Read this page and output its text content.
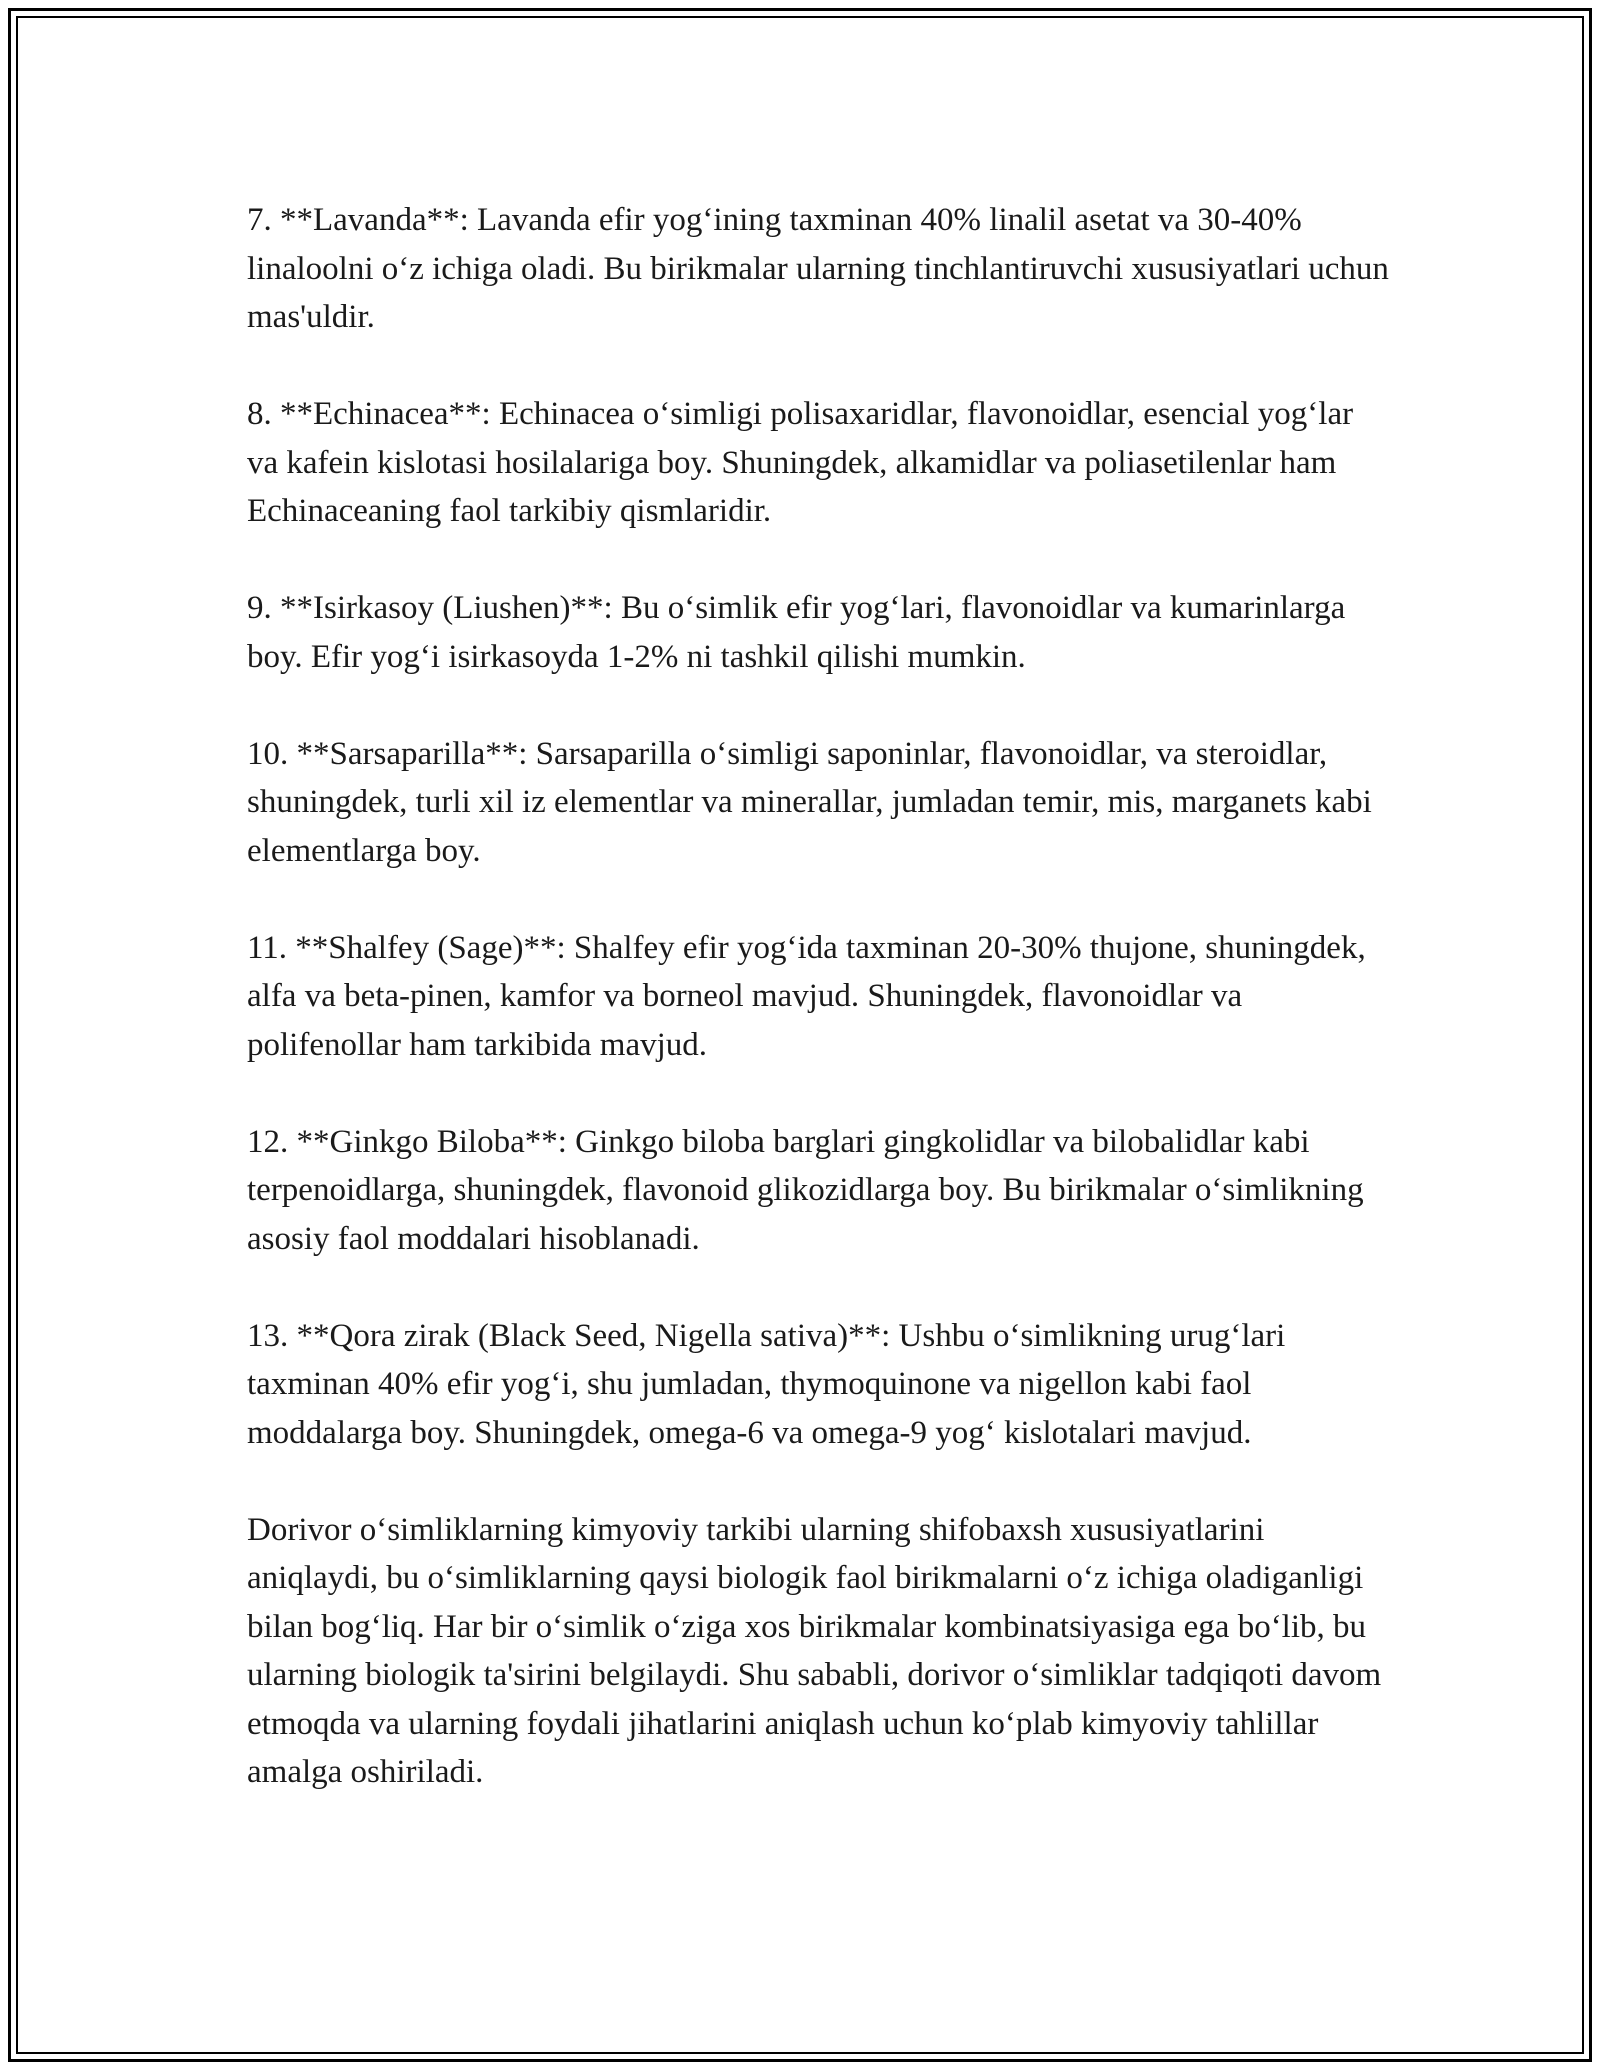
7. **Lavanda**: Lavanda efir yog‘ining taxminan 40% linalil asetat va 30-40% linaloolni o‘z ichiga oladi. Bu birikmalar ularning tinchlantiruvchi xususiyatlari uchun mas'uldir.

8. **Echinacea**: Echinacea o‘simligi polisaxaridlar, flavonoidlar, esencial yog‘lar va kafein kislotasi hosilalariga boy. Shuningdek, alkamidlar va poliasetilenlar ham Echinaceaning faol tarkibiy qismlaridir.

9. **Isirkasoy (Liushen)**: Bu o‘simlik efir yog‘lari, flavonoidlar va kumarinlarga boy. Efir yog‘i isirkasoyda 1-2% ni tashkil qilishi mumkin.

10. **Sarsaparilla**: Sarsaparilla o‘simligi saponinlar, flavonoidlar, va steroidlar, shuningdek, turli xil iz elementlar va minerallar, jumladan temir, mis, marganets kabi elementlarga boy.

11. **Shalfey (Sage)**: Shalfey efir yog‘ida taxminan 20-30% thujone, shuningdek, alfa va beta-pinen, kamfor va borneol mavjud. Shuningdek, flavonoidlar va polifenollar ham tarkibida mavjud.

12. **Ginkgo Biloba**: Ginkgo biloba barglari gingkolidlar va bilobalidlar kabi terpenoidlarga, shuningdek, flavonoid glikozidlarga boy. Bu birikmalar o‘simlikning asosiy faol moddalari hisoblanadi.

13. **Qora zirak (Black Seed, Nigella sativa)**: Ushbu o‘simlikning urug‘lari taxminan 40% efir yog‘i, shu jumladan, thymoquinone va nigellon kabi faol moddalarga boy. Shuningdek, omega-6 va omega-9 yog‘ kislotalari mavjud.

Dorivor o‘simliklarning kimyoviy tarkibi ularning shifobaxsh xususiyatlarini aniqlaydi, bu o‘simliklarning qaysi biologik faol birikmalarni o‘z ichiga oladiganligi bilan bog‘liq. Har bir o‘simlik o‘ziga xos birikmalar kombinatsiyasiga ega bo‘lib, bu ularning biologik ta'sirini belgilaydi. Shu sababli, dorivor o‘simliklar tadqiqoti davom etmoqda va ularning foydali jihatlarini aniqlash uchun ko‘plab kimyoviy tahlillar amalga oshiriladi.
